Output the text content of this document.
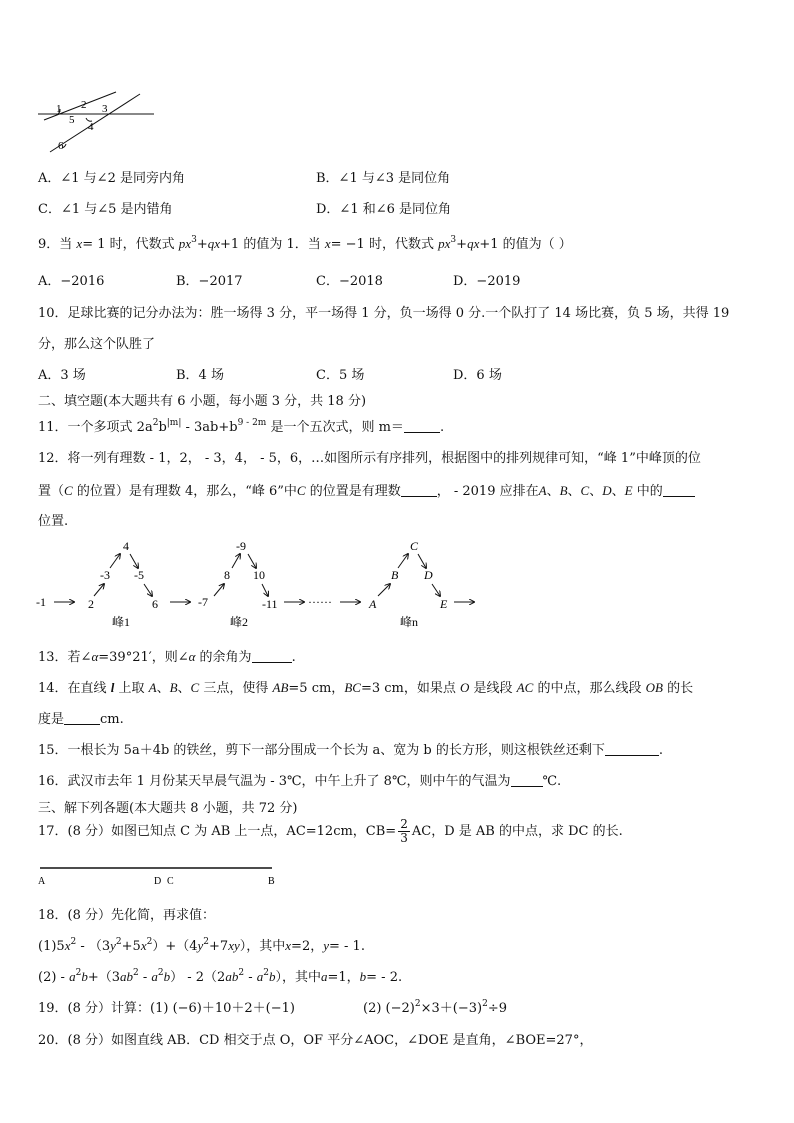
1 2 3
5
4
6
A．∠1 与∠2 是同旁内角	B．∠1 与∠3 是同位角
C．∠1 与∠5 是内错角	D．∠1 和∠6 是同位角
9．当 x= 1 时，代数式 $px^3+qx+1$ 的值为 1．当 x= −1 时，代数式 $px^3+qx+1$ 的值为（ ）
A．−2016	B．−2017	C．−2018	D．−2019
10．足球比赛的记分办法为：胜一场得 3 分，平一场得 1 分，负一场得 0 分.一个队打了 14 场比赛，负 5 场，共得 19
分，那么这个队胜了
A．3 场	B．4 场	C．5 场	D．6 场
二、填空题(本大题共有 6 小题，每小题 3 分，共 18 分)
11．一个多项式 $2a^2b^{|m|} - 3ab+b^{9 - 2m}$ 是一个五次式，则 m＝	.
12．将一列有理数 - 1，2， - 3，4， - 5，6，…如图所示有序排列，根据图中的排列规律可知，“峰 1”中峰顶的位
置（C 的位置）是有理数 4，那么，“峰 6”中C 的位置是有理数	， - 2019 应排在A、B、C、D、E 中的
位置.
-1
4
-3 -5
2	6
峰1
-7
-9
8 10
-11
峰2
······
C
B D
A	E
峰n
13．若∠α=39°21′，则∠α 的余角为	.
14．在直线 l 上取 A、B、C 三点，使得 AB=5 cm，BC=3 cm，如果点 O 是线段 AC 的中点，那么线段 OB 的长
度是	cm.
15．一根长为 5a＋4b 的铁丝，剪下一部分围成一个长为 a、宽为 b 的长方形，则这根铁丝还剩下	.
16．武汉市去年 1 月份某天早晨气温为 - 3℃，中午上升了 8℃，则中午的气温为 ℃.
三、解下列各题(本大题共 8 小题，共 72 分)
17．(8 分）如图已知点 C 为 AB 上一点，AC=12cm，$CB= \frac{2}{3}$ AC，D 是 AB 的中点，求 DC 的长.
A	D C	B
18．(8 分）先化简，再求值：
$(1)5x^2 - (3y^2+5x^2)+(4y^2+7xy)$，其中x=2，y= - 1.
$(2) - a^2b+(3ab^2 - a^2b) - 2(2ab^2 - a^2b)$，其中a=1，b= - 2.
19．(8 分）计算：(1) (−6)＋10＋2＋(−1)	(2) $(-2)^2\times 3+(-3)^2\div 9$
20．(8 分）如图直线 AB．CD 相交于点 O，OF 平分∠AOC，∠DOE 是直角，∠BOE=27°，
